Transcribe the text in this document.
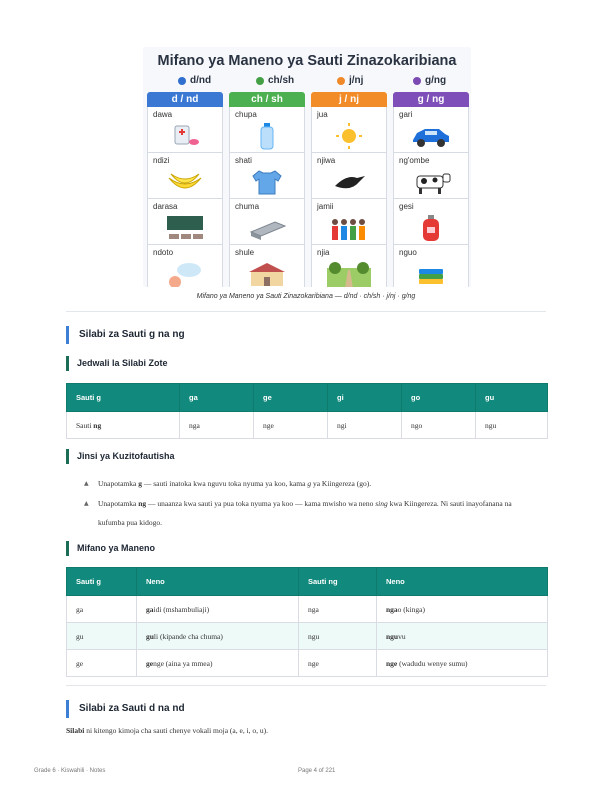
Mifano ya Maneno ya Sauti Zinazokaribiana
d/nd	ch/sh	j/nj	g/ng
d / nd
dawa
ndizi
darasa
ndoto
ch / sh
chupa
shati
chuma
shule
j / nj
jua
njiwa
jamii
njia
g / ng
gari
ng'ombe
gesi
nguo
Mifano ya Maneno ya Sauti Zinazokaribiana — d/nd · ch/sh · j/nj · g/ng
Silabi za Sauti g na ng
Jedwali la Silabi Zote
Sauti g	ga	ge	gi	go	gu
Sauti ng	nga	nge	ngi	ngo	ngu
Jinsi ya Kuzitofautisha
▲ Unapotamka g — sauti inatoka kwa nguvu toka nyuma ya koo, kama g ya Kiingereza (go).
▲ Unapotamka ng — unaanza kwa sauti ya pua toka nyuma ya koo — kama mwisho wa neno sing kwa Kiingereza. Ni sauti inayofanana na kufumba pua kidogo.
Mifano ya Maneno
Sauti g	Neno	Sauti ng	Neno
ga	gaidi (mshambuliaji)	nga	ngao (kinga)
gu	guli (kipande cha chuma)	ngu	nguvu
ge	genge (aina ya mmea)	nge	nge (wadudu wenye sumu)
Silabi za Sauti d na nd
Silabi ni kitengo kimoja cha sauti chenye vokali moja (a, e, i, o, u).
Grade 6 · Kiswahili · Notes	Page 4 of 221
